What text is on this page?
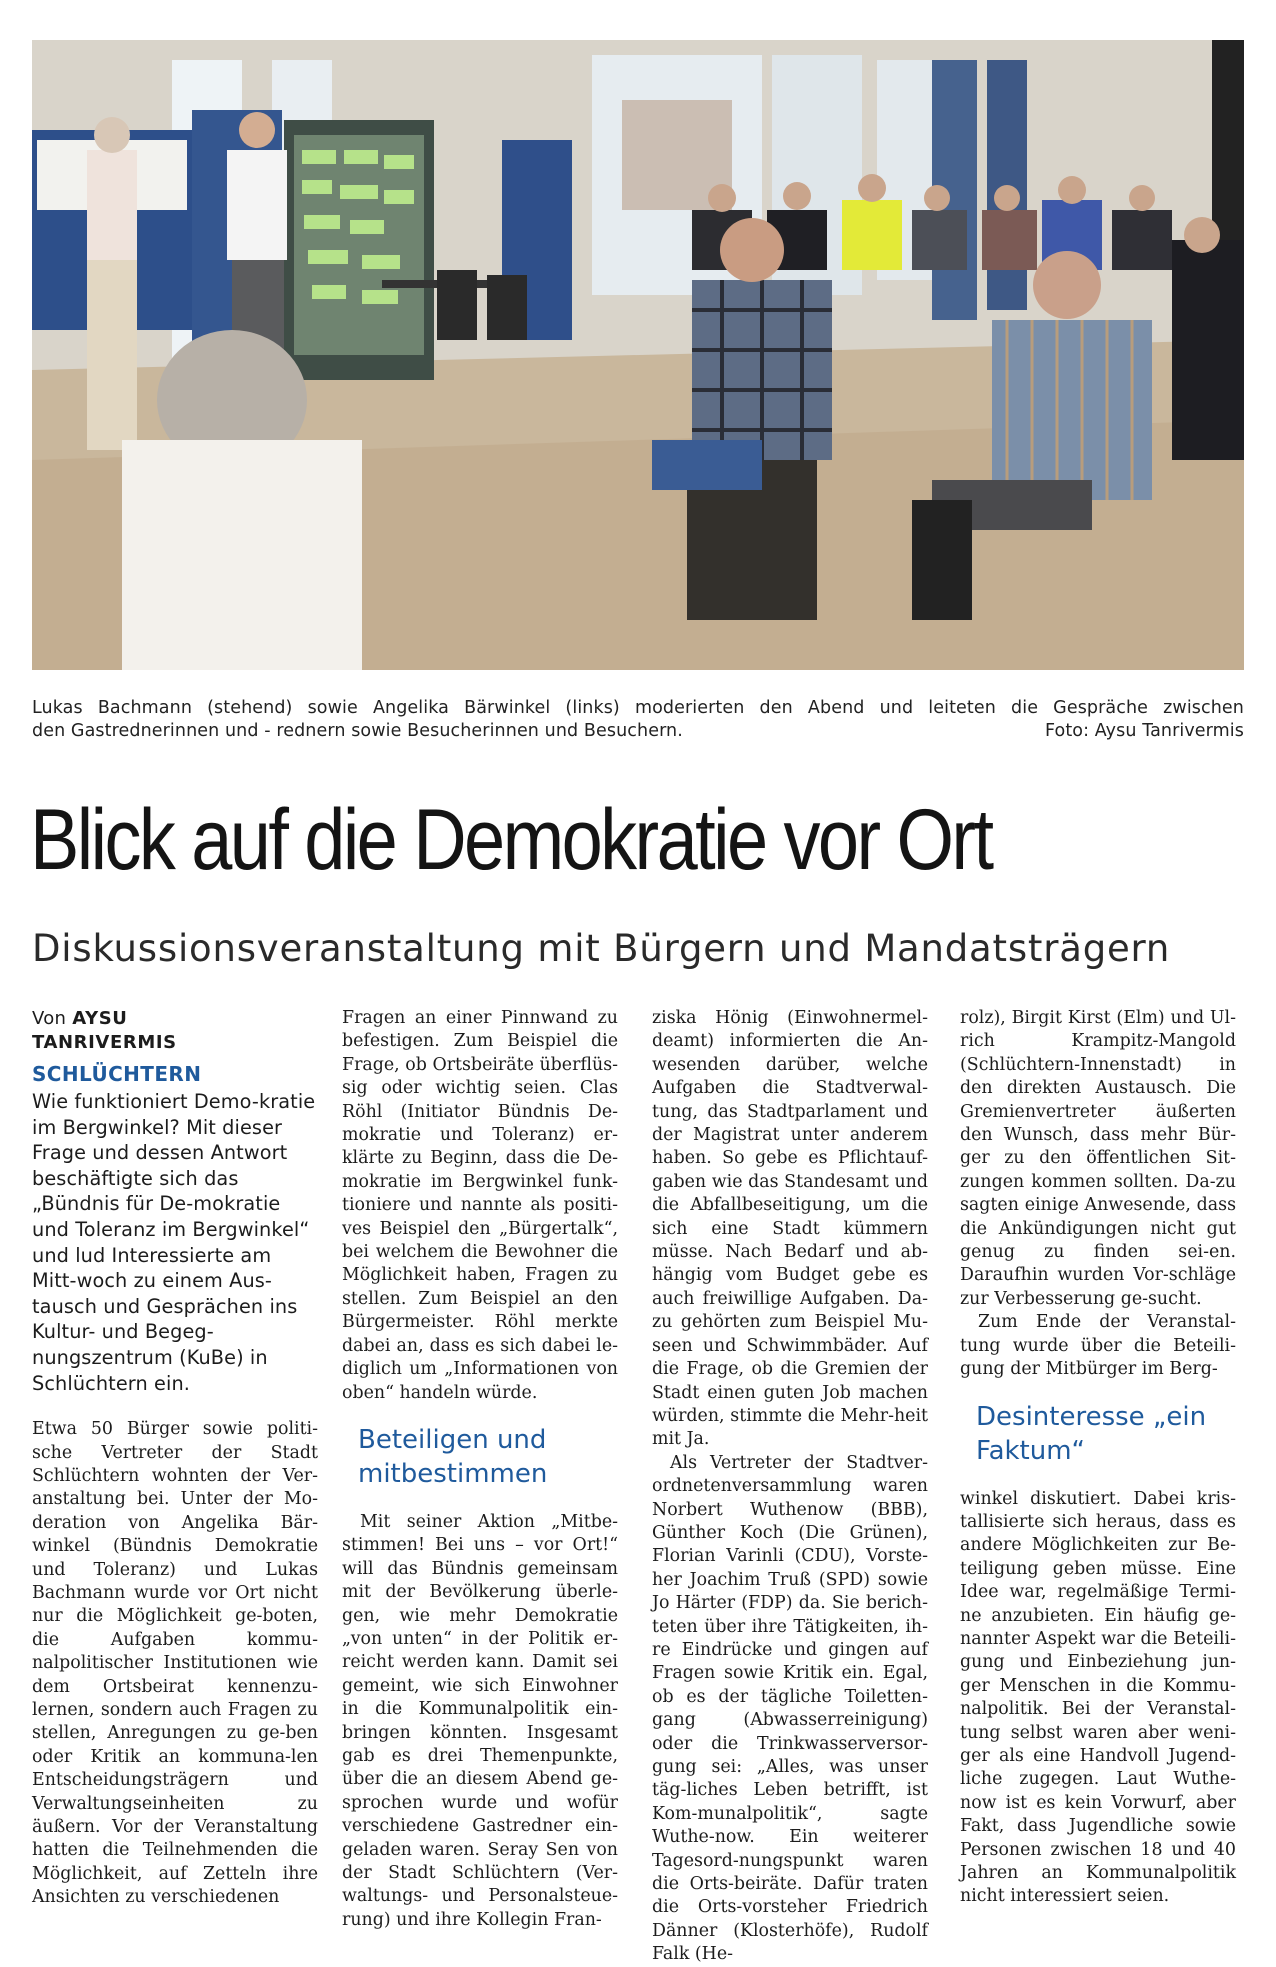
Lukas Bachmann (stehend) sowie Angelika Bärwinkel (links) moderierten den Abend und leiteten die Gespräche zwischen
den Gastrednerinnen und - rednern sowie Besucherinnen und Besuchern.	Foto: Aysu Tanrivermis
Blick auf die Demokratie vor Ort
Diskussionsveranstaltung mit Bürgern und Mandatsträgern
Von AYSU
TANRIVERMIS
SCHLÜCHTERN

Wie funktioniert Demo-kratie im Bergwinkel? Mit dieser Frage und dessen Antwort beschäftigte sich das „Bündnis für De-mokratie und Toleranz im Bergwinkel“ und lud Interessierte am Mitt-woch zu einem Aus-tausch und Gesprächen ins Kultur- und Begeg-nungszentrum (KuBe) in Schlüchtern ein.

Etwa 50 Bürger sowie politi-sche Vertreter der Stadt Schlüchtern wohnten der Ver-anstaltung bei. Unter der Mo-deration von Angelika Bär-winkel (Bündnis Demokratie und Toleranz) und Lukas Bachmann wurde vor Ort nicht nur die Möglichkeit ge-boten, die Aufgaben kommu-nalpolitischer Institutionen wie dem Ortsbeirat kennenzu-lernen, sondern auch Fragen zu stellen, Anregungen zu ge-ben oder Kritik an kommuna-len Entscheidungsträgern und Verwaltungseinheiten zu äußern. Vor der Veranstaltung hatten die Teilnehmenden die Möglichkeit, auf Zetteln ihre Ansichten zu verschiedenen

Fragen an einer Pinnwand zu befestigen. Zum Beispiel die Frage, ob Ortsbeiräte überflüs-sig oder wichtig seien. Clas Röhl (Initiator Bündnis De-mokratie und Toleranz) er-klärte zu Beginn, dass die De-mokratie im Bergwinkel funk-tioniere und nannte als positi-ves Beispiel den „Bürgertalk“, bei welchem die Bewohner die Möglichkeit haben, Fragen zu stellen. Zum Beispiel an den Bürgermeister. Röhl merkte dabei an, dass es sich dabei le-diglich um „Informationen von oben“ handeln würde.

Beteiligen und mitbestimmen

Mit seiner Aktion „Mitbe-stimmen! Bei uns – vor Ort!“ will das Bündnis gemeinsam mit der Bevölkerung überle-gen, wie mehr Demokratie „von unten“ in der Politik er-reicht werden kann. Damit sei gemeint, wie sich Einwohner in die Kommunalpolitik ein-bringen könnten. Insgesamt gab es drei Themenpunkte, über die an diesem Abend ge-sprochen wurde und wofür verschiedene Gastredner ein-geladen waren. Seray Sen von der Stadt Schlüchtern (Ver-waltungs- und Personalsteue-rung) und ihre Kollegin Fran-

ziska Hönig (Einwohnermel-deamt) informierten die An-wesenden darüber, welche Aufgaben die Stadtverwal-tung, das Stadtparlament und der Magistrat unter anderem haben. So gebe es Pflichtauf-gaben wie das Standesamt und die Abfallbeseitigung, um die sich eine Stadt kümmern müsse. Nach Bedarf und ab-hängig vom Budget gebe es auch freiwillige Aufgaben. Da-zu gehörten zum Beispiel Mu-seen und Schwimmbäder. Auf die Frage, ob die Gremien der Stadt einen guten Job machen würden, stimmte die Mehr-heit mit Ja.

Als Vertreter der Stadtver-ordnetenversammlung waren Norbert Wuthenow (BBB), Günther Koch (Die Grünen), Florian Varinli (CDU), Vorste-her Joachim Truß (SPD) sowie Jo Härter (FDP) da. Sie berich-teten über ihre Tätigkeiten, ih-re Eindrücke und gingen auf Fragen sowie Kritik ein. Egal, ob es der tägliche Toiletten-gang (Abwasserreinigung) oder die Trinkwasserversor-gung sei: „Alles, was unser täg-liches Leben betrifft, ist Kom-munalpolitik“, sagte Wuthe-now. Ein weiterer Tagesord-nungspunkt waren die Orts-beiräte. Dafür traten die Orts-vorsteher Friedrich Dänner (Klosterhöfe), Rudolf Falk (He-

rolz), Birgit Kirst (Elm) und Ul-rich Krampitz-Mangold (Schlüchtern-Innenstadt) in den direkten Austausch. Die Gremienvertreter äußerten den Wunsch, dass mehr Bür-ger zu den öffentlichen Sit-zungen kommen sollten. Da-zu sagten einige Anwesende, dass die Ankündigungen nicht gut genug zu finden sei-en. Daraufhin wurden Vor-schläge zur Verbesserung ge-sucht.

Zum Ende der Veranstal-tung wurde über die Beteili-gung der Mitbürger im Berg-

Desinteresse „ein Faktum“

winkel diskutiert. Dabei kris-tallisierte sich heraus, dass es andere Möglichkeiten zur Be-teiligung geben müsse. Eine Idee war, regelmäßige Termi-ne anzubieten. Ein häufig ge-nannter Aspekt war die Beteili-gung und Einbeziehung jun-ger Menschen in die Kommu-nalpolitik. Bei der Veranstal-tung selbst waren aber weni-ger als eine Handvoll Jugend-liche zugegen. Laut Wuthe-now ist es kein Vorwurf, aber Fakt, dass Jugendliche sowie Personen zwischen 18 und 40 Jahren an Kommunalpolitik nicht interessiert seien.
